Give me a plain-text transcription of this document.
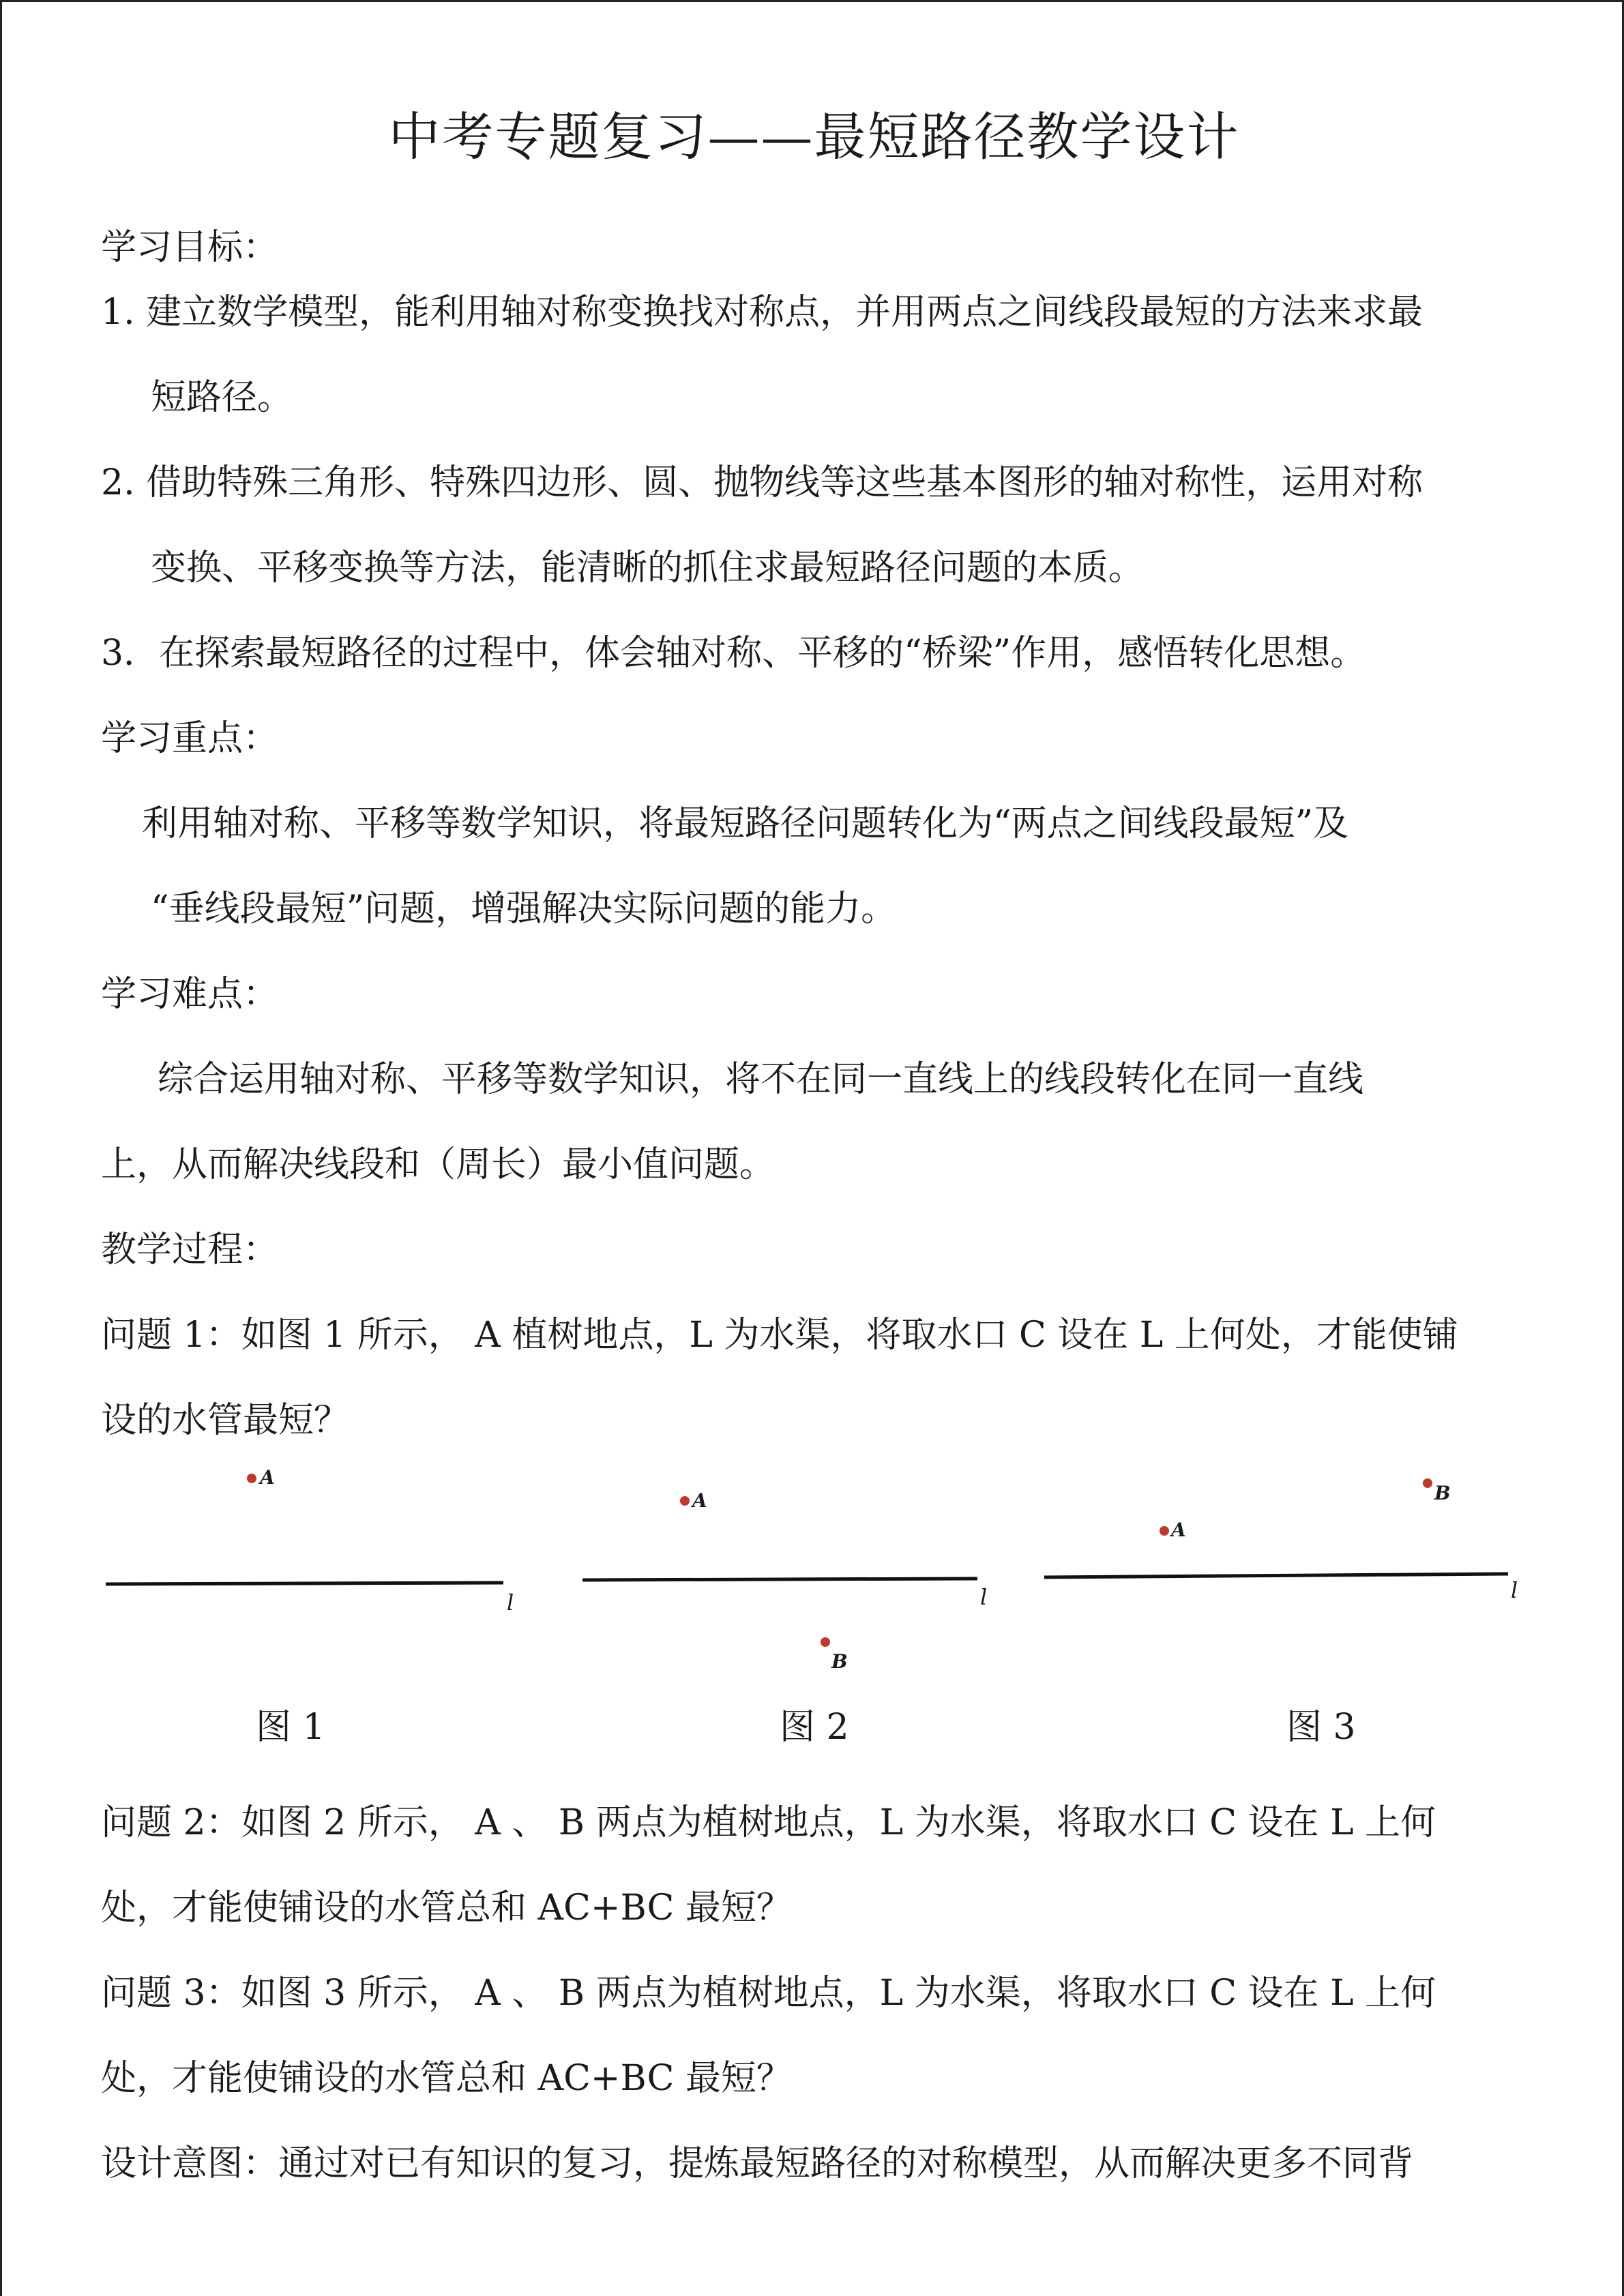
中考专题复习——最短路径教学设计

学习目标：

1. 建立数学模型，能利用轴对称变换找对称点，并用两点之间线段最短的方法来求最

短路径。

2. 借助特殊三角形、特殊四边形、圆、抛物线等这些基本图形的轴对称性，运用对称

变换、平移变换等方法，能清晰的抓住求最短路径问题的本质。

3．在探索最短路径的过程中，体会轴对称、平移的“桥梁”作用，感悟转化思想。

学习重点：

利用轴对称、平移等数学知识，将最短路径问题转化为“两点之间线段最短”及

“垂线段最短”问题，增强解决实际问题的能力。

学习难点：

综合运用轴对称、平移等数学知识，将不在同一直线上的线段转化在同一直线

上，从而解决线段和（周长）最小值问题。

教学过程：

问题 1：如图 1 所示， A 植树地点，L 为水渠，将取水口 C 设在 L 上何处，才能使铺

设的水管最短？

A
l
A
B
l
A
B
l
图 1	图 2	图 3

问题 2：如图 2 所示， A 、 B 两点为植树地点，L 为水渠，将取水口 C 设在 L 上何

处，才能使铺设的水管总和 AC+BC 最短？

问题 3：如图 3 所示， A 、 B 两点为植树地点，L 为水渠，将取水口 C 设在 L 上何

处，才能使铺设的水管总和 AC+BC 最短？

设计意图：通过对已有知识的复习，提炼最短路径的对称模型，从而解决更多不同背
